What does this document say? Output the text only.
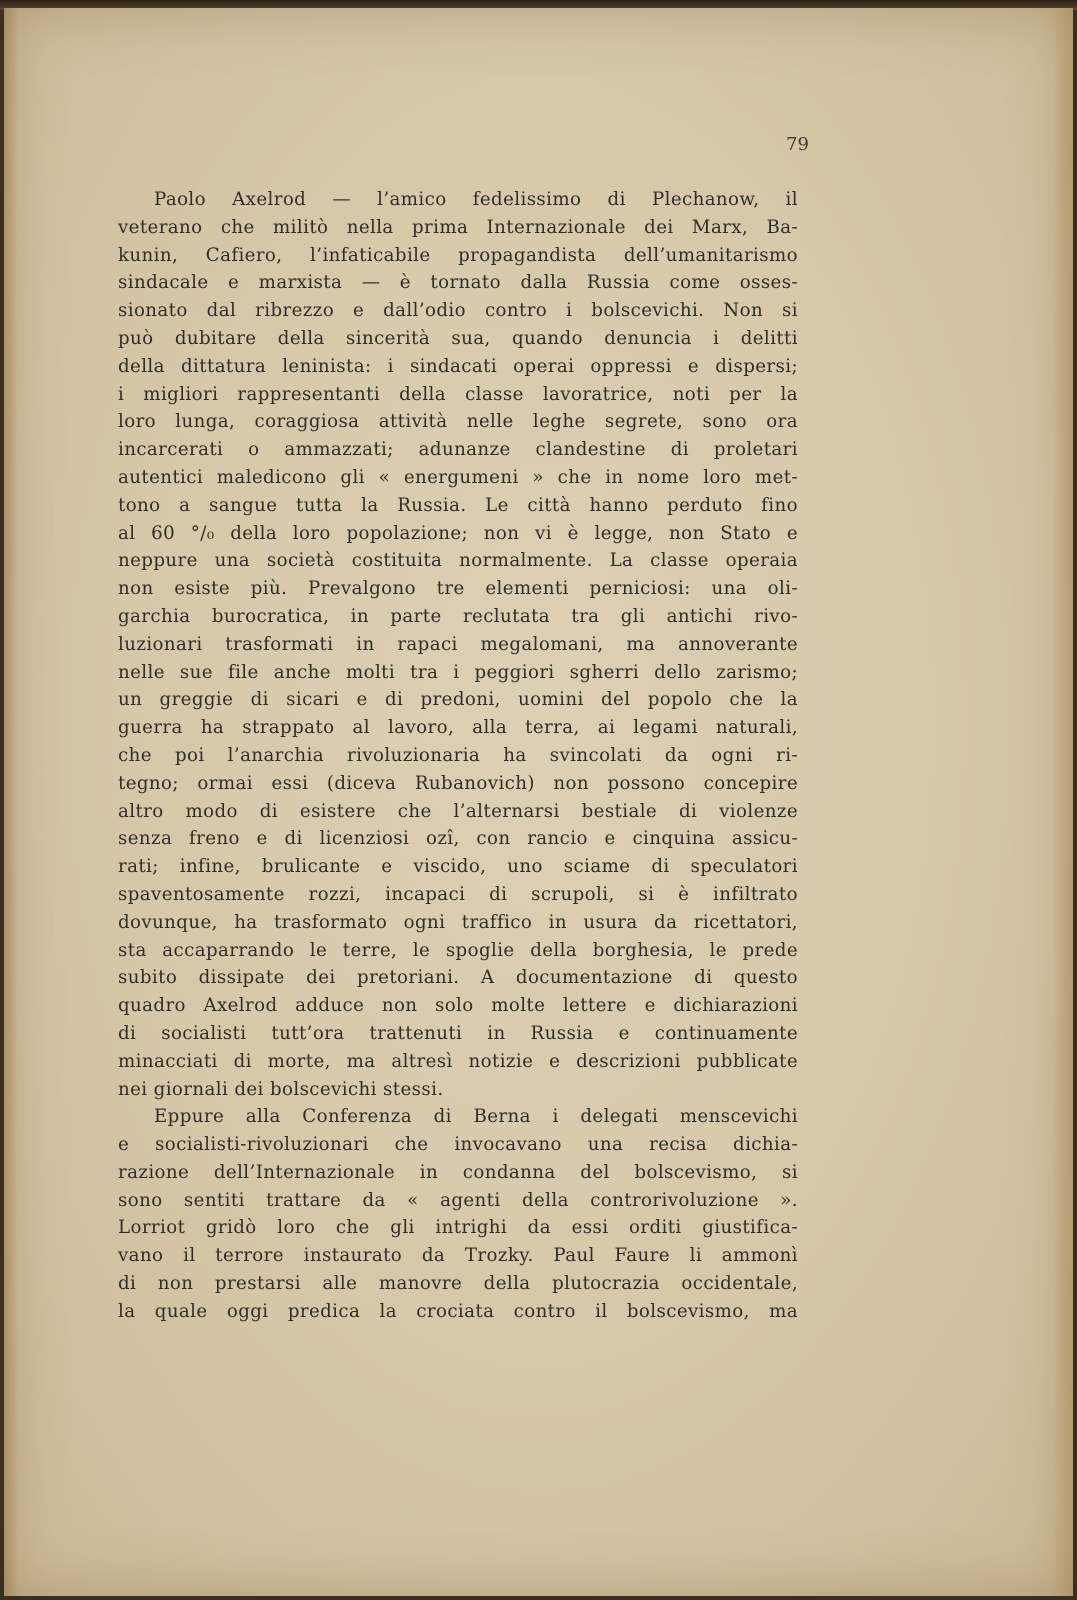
79
Paolo Axelrod — l’amico fedelissimo di Plechanow, il
veterano che militò nella prima Internazionale dei Marx, Ba-
kunin, Cafiero, l’infaticabile propagandista dell’umanitarismo
sindacale e marxista — è tornato dalla Russia come osses-
sionato dal ribrezzo e dall’odio contro i bolscevichi. Non si
può dubitare della sincerità sua, quando denuncia i delitti
della dittatura leninista: i sindacati operai oppressi e dispersi;
i migliori rappresentanti della classe lavoratrice, noti per la
loro lunga, coraggiosa attività nelle leghe segrete, sono ora
incarcerati o ammazzati; adunanze clandestine di proletari
autentici maledicono gli « energumeni » che in nome loro met-
tono a sangue tutta la Russia. Le città hanno perduto fino
al 60 °/₀ della loro popolazione; non vi è legge, non Stato e
neppure una società costituita normalmente. La classe operaia
non esiste più. Prevalgono tre elementi perniciosi: una oli-
garchia burocratica, in parte reclutata tra gli antichi rivo-
luzionari trasformati in rapaci megalomani, ma annoverante
nelle sue file anche molti tra i peggiori sgherri dello zarismo;
un greggie di sicari e di predoni, uomini del popolo che la
guerra ha strappato al lavoro, alla terra, ai legami naturali,
che poi l’anarchia rivoluzionaria ha svincolati da ogni ri-
tegno; ormai essi (diceva Rubanovich) non possono concepire
altro modo di esistere che l’alternarsi bestiale di violenze
senza freno e di licenziosi ozî, con rancio e cinquina assicu-
rati; infine, brulicante e viscido, uno sciame di speculatori
spaventosamente rozzi, incapaci di scrupoli, si è infiltrato
dovunque, ha trasformato ogni traffico in usura da ricettatori,
sta accaparrando le terre, le spoglie della borghesia, le prede
subito dissipate dei pretoriani. A documentazione di questo
quadro Axelrod adduce non solo molte lettere e dichiarazioni
di socialisti tutt’ora trattenuti in Russia e continuamente
minacciati di morte, ma altresì notizie e descrizioni pubblicate
nei giornali dei bolscevichi stessi.
Eppure alla Conferenza di Berna i delegati menscevichi
e socialisti-rivoluzionari che invocavano una recisa dichia-
razione dell’Internazionale in condanna del bolscevismo, si
sono sentiti trattare da « agenti della controrivoluzione ».
Lorriot gridò loro che gli intrighi da essi orditi giustifica-
vano il terrore instaurato da Trozky. Paul Faure li ammonì
di non prestarsi alle manovre della plutocrazia occidentale,
la quale oggi predica la crociata contro il bolscevismo, ma
